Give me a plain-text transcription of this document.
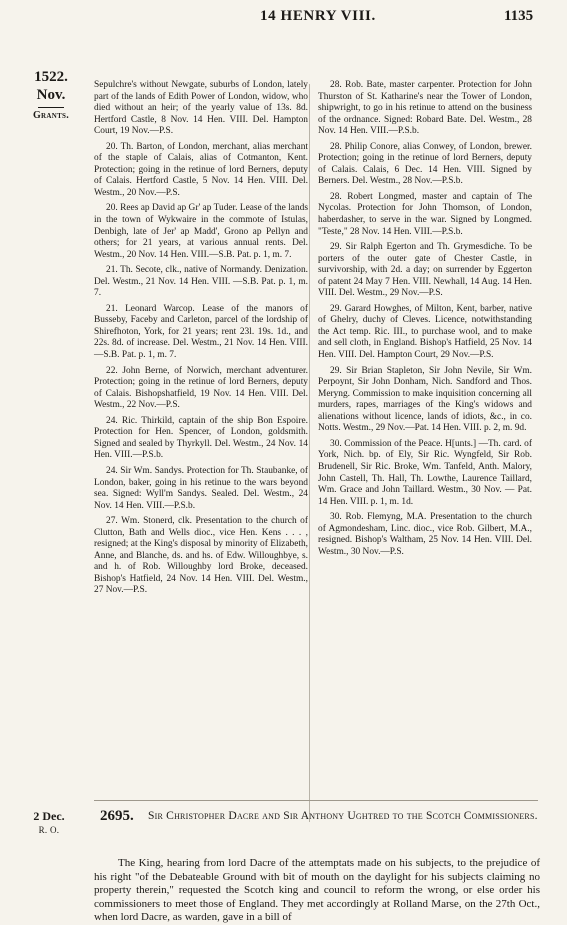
14 HENRY VIII.	1135
1522.
Nov.
Grants.

Sepulchre's without Newgate, suburbs of London, lately part of the lands of Edith Power of London, widow, who died without an heir; of the yearly value of 13s. 8d. Hertford Castle, 8 Nov. 14 Hen. VIII. Del. Hampton Court, 19 Nov.—P.S.

20. Th. Barton, of London, merchant, alias merchant of the staple of Calais, alias of Cotmanton, Kent. Protection; going in the retinue of lord Berners, deputy of Calais. Hertford Castle, 5 Nov. 14 Hen. VIII. Del. Westm., 20 Nov.—P.S.

20. Rees ap David ap Gr' ap Tuder. Lease of the lands in the town of Wykwaire in the commote of Istulas, Denbigh, late of Jer' ap Madd', Grono ap Pellyn and others; for 21 years, at various annual rents. Del. Westm., 20 Nov. 14 Hen. VIII.—S.B. Pat. p. 1, m. 7.

21. Th. Secote, clk., native of Normandy. Denization. Del. Westm., 21 Nov. 14 Hen. VIII. —S.B. Pat. p. 1, m. 7.

21. Leonard Warcop. Lease of the manors of Busseby, Faceby and Carleton, parcel of the lordship of Shirefhoton, York, for 21 years; rent 23l. 19s. 1d., and 22s. 8d. of increase. Del. Westm., 21 Nov. 14 Hen. VIII. —S.B. Pat. p. 1, m. 7.

22. John Berne, of Norwich, merchant adventurer. Protection; going in the retinue of lord Berners, deputy of Calais. Bishopshatfield, 19 Nov. 14 Hen. VIII. Del. Westm., 22 Nov.—P.S.

24. Ric. Thirkild, captain of the ship Bon Espoire. Protection for Hen. Spencer, of London, goldsmith. Signed and sealed by Thyrkyll. Del. Westm., 24 Nov. 14 Hen. VIII.—P.S.b.

24. Sir Wm. Sandys. Protection for Th. Staubanke, of London, baker, going in his retinue to the wars beyond sea. Signed: Wyll'm Sandys. Sealed. Del. Westm., 24 Nov. 14 Hen. VIII.—P.S.b.

27. Wm. Stonerd, clk. Presentation to the church of Clutton, Bath and Wells dioc., vice Hen. Kens . . . , resigned; at the King's disposal by minority of Elizabeth, Anne, and Blanche, ds. and hs. of Edw. Willoughbye, s. and h. of Rob. Willoughby lord Broke, deceased. Bishop's Hatfield, 24 Nov. 14 Hen. VIII. Del. Westm., 27 Nov.—P.S.

28. Rob. Bate, master carpenter. Protection for John Thurston of St. Katharine's near the Tower of London, shipwright, to go in his retinue to attend on the business of the ordnance. Signed: Robard Bate. Del. Westm., 28 Nov. 14 Hen. VIII.—P.S.b.

28. Philip Conore, alias Conwey, of London, brewer. Protection; going in the retinue of lord Berners, deputy of Calais. Calais, 6 Dec. 14 Hen. VIII. Signed by Berners. Del. Westm., 28 Nov.—P.S.b.

28. Robert Longmed, master and captain of The Nycolas. Protection for John Thomson, of London, haberdasher, to serve in the war. Signed by Longmed. "Teste," 28 Nov. 14 Hen. VIII.—P.S.b.

29. Sir Ralph Egerton and Th. Grymesdiche. To be porters of the outer gate of Chester Castle, in survivorship, with 2d. a day; on surrender by Eggerton of patent 24 May 7 Hen. VIII. Newhall, 14 Aug. 14 Hen. VIII. Del. Westm., 29 Nov.—P.S.

29. Garard Howghes, of Milton, Kent, barber, native of Ghelry, duchy of Cleves. Licence, notwithstanding the Act temp. Ric. III., to purchase wool, and to make and sell cloth, in England. Bishop's Hatfield, 25 Nov. 14 Hen. VIII. Del. Hampton Court, 29 Nov.—P.S.

29. Sir Brian Stapleton, Sir John Nevile, Sir Wm. Perpoynt, Sir John Donham, Nich. Sandford and Thos. Meryng. Commission to make inquisition concerning all murders, rapes, marriages of the King's widows and alienations without licence, lands of idiots, &c., in co. Notts. Westm., 29 Nov.—Pat. 14 Hen. VIII. p. 2, m. 9d.

30. Commission of the Peace. H[unts.] —Th. card. of York, Nich. bp. of Ely, Sir Ric. Wyngfeld, Sir Rob. Brudenell, Sir Ric. Broke, Wm. Tanfeld, Anth. Malory, John Castell, Th. Hall, Th. Lowthe, Laurence Taillard, Wm. Grace and John Taillard. Westm., 30 Nov. — Pat. 14 Hen. VIII. p. 1, m. 1d.

30. Rob. Flemyng, M.A. Presentation to the church of Agmondesham, Linc. dioc., vice Rob. Gilbert, M.A., resigned. Bishop's Waltham, 25 Nov. 14 Hen. VIII. Del. Westm., 30 Nov.—P.S.

2 Dec.
R. O.
2695. Sir Christopher Dacre and Sir Anthony Ughtred to the Scotch Commissioners.

The King, hearing from lord Dacre of the attemptats made on his subjects, to the prejudice of his right "of the Debateable Ground with bit of mouth on the daylight for his subjects claiming no property therein," requested the Scotch king and council to reform the wrong, or else order his commissioners to meet those of England. They met accordingly at Rolland Marse, on the 27th Oct., when lord Dacre, as warden, gave in a bill of
